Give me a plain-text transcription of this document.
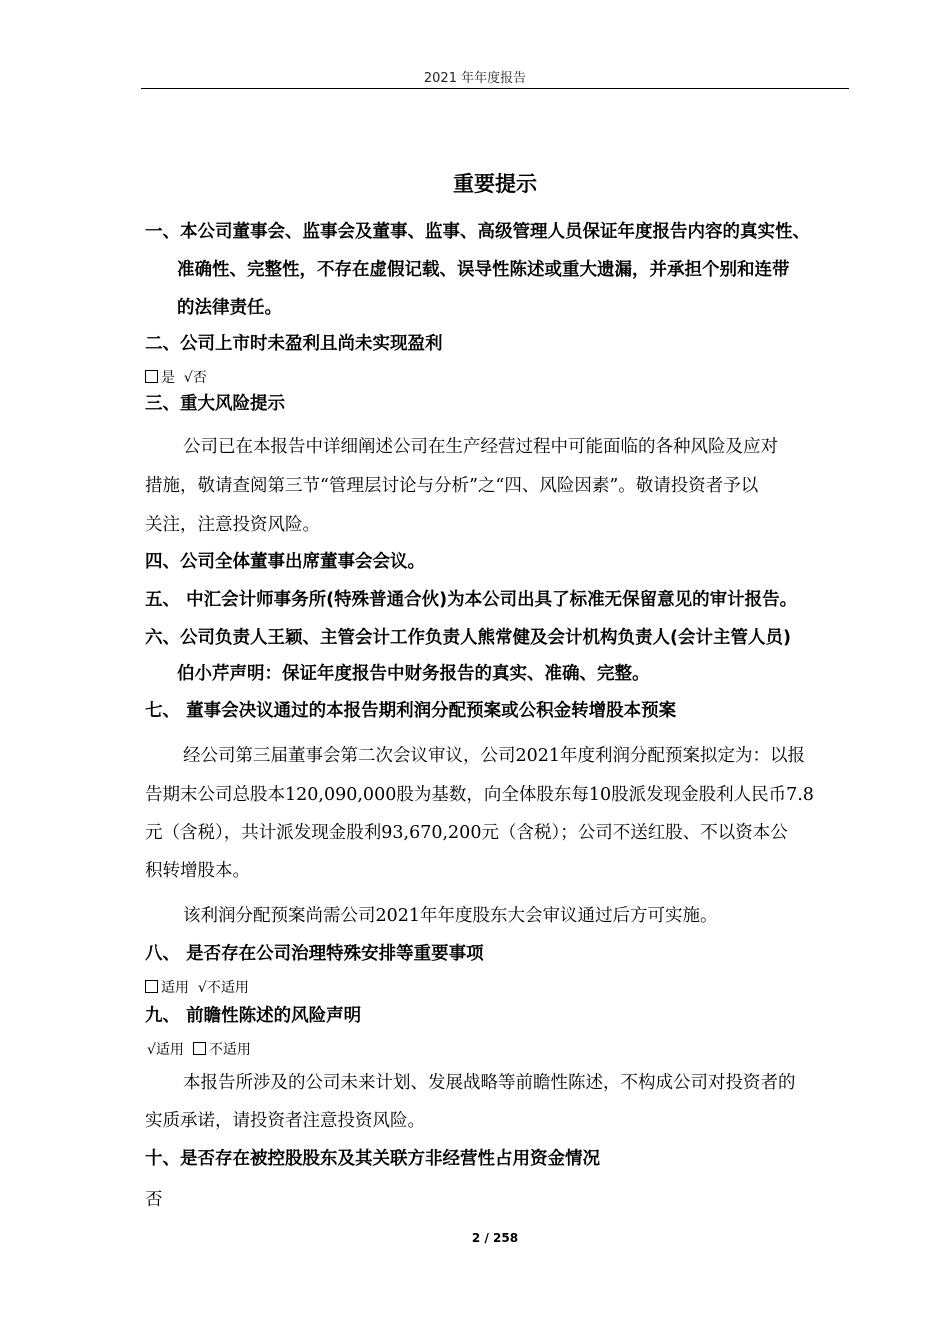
2021 年年度报告
重要提示
一、本公司董事会、监事会及董事、监事、高级管理人员保证年度报告内容的真实性、
准确性、完整性，不存在虚假记载、误导性陈述或重大遗漏，并承担个别和连带
的法律责任。
二、公司上市时未盈利且尚未实现盈利
是 √否
三、重大风险提示
公司已在本报告中详细阐述公司在生产经营过程中可能面临的各种风险及应对
措施，敬请查阅第三节“管理层讨论与分析”之“四、风险因素”。敬请投资者予以
关注，注意投资风险。
四、公司全体董事出席董事会会议。
五、 中汇会计师事务所(特殊普通合伙)为本公司出具了标准无保留意见的审计报告。
六、公司负责人王颖、主管会计工作负责人熊常健及会计机构负责人(会计主管人员)
伯小芹声明：保证年度报告中财务报告的真实、准确、完整。
七、 董事会决议通过的本报告期利润分配预案或公积金转增股本预案
经公司第三届董事会第二次会议审议，公司2021年度利润分配预案拟定为：以报
告期末公司总股本120,090,000股为基数，向全体股东每10股派发现金股利人民币7.8
元（含税），共计派发现金股利93,670,200元（含税）；公司不送红股、不以资本公
积转增股本。
该利润分配预案尚需公司2021年年度股东大会审议通过后方可实施。
八、 是否存在公司治理特殊安排等重要事项
适用 √不适用
九、 前瞻性陈述的风险声明
√适用 不适用
本报告所涉及的公司未来计划、发展战略等前瞻性陈述，不构成公司对投资者的
实质承诺，请投资者注意投资风险。
十、是否存在被控股股东及其关联方非经营性占用资金情况
否
2 / 258
